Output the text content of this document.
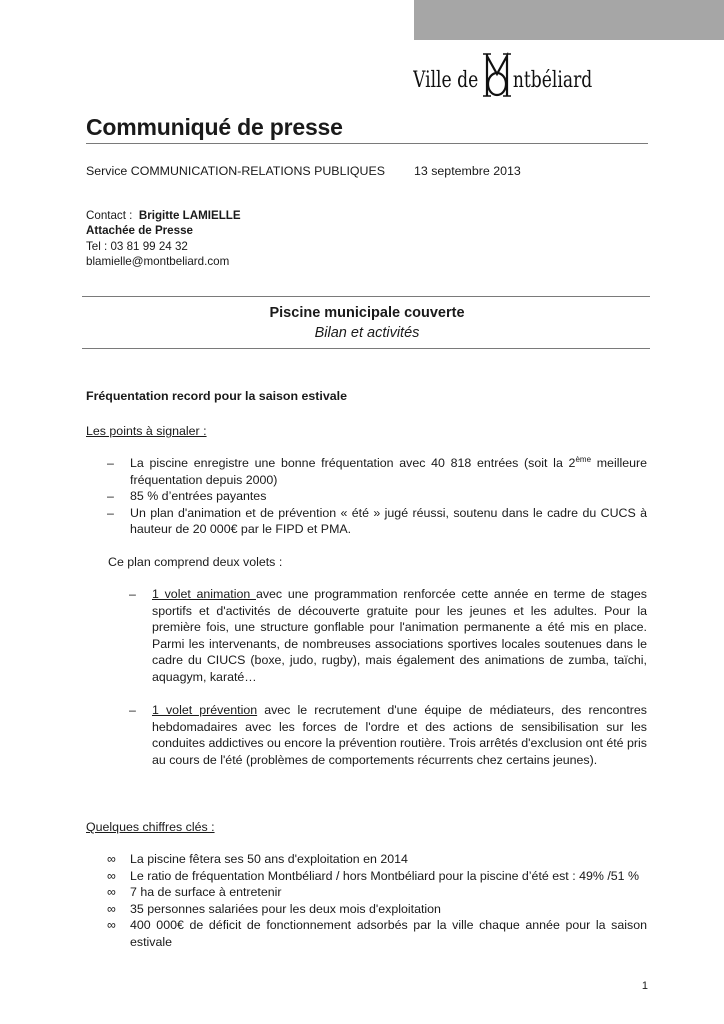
Ville de ntbéliard
Communiqué de presse
Service COMMUNICATION-RELATIONS PUBLIQUES 13 septembre 2013
Contact : Brigitte LAMIELLE
Attachée de Presse
Tel : 03 81 99 24 32
blamielle@montbeliard.com
Piscine municipale couverte
Bilan et activités
Fréquentation record pour la saison estivale
Les points à signaler :
– La piscine enregistre une bonne fréquentation avec 40 818 entrées (soit la 2ème meilleure fréquentation depuis 2000)
– 85 % d’entrées payantes
– Un plan d'animation et de prévention « été » jugé réussi, soutenu dans le cadre du CUCS à hauteur de 20 000€ par le FIPD et PMA.
Ce plan comprend deux volets :
– 1 volet animation avec une programmation renforcée cette année en terme de stages sportifs et d'activités de découverte gratuite pour les jeunes et les adultes. Pour la première fois, une structure gonflable pour l'animation permanente a été mis en place. Parmi les intervenants, de nombreuses associations sportives locales soutenues dans le cadre du CIUCS (boxe, judo, rugby), mais également des animations de zumba, taïchi, aquagym, karaté…
– 1 volet prévention avec le recrutement d'une équipe de médiateurs, des rencontres hebdomadaires avec les forces de l'ordre et des actions de sensibilisation sur les conduites addictives ou encore la prévention routière. Trois arrêtés d'exclusion ont été pris au cours de l'été (problèmes de comportements récurrents chez certains jeunes).
Quelques chiffres clés :
∞ La piscine fêtera ses 50 ans d'exploitation en 2014
∞ Le ratio de fréquentation Montbéliard / hors Montbéliard pour la piscine d’été est : 49% /51 %
∞ 7 ha de surface à entretenir
∞ 35 personnes salariées pour les deux mois d'exploitation
∞ 400 000€ de déficit de fonctionnement adsorbés par la ville chaque année pour la saison estivale
1
